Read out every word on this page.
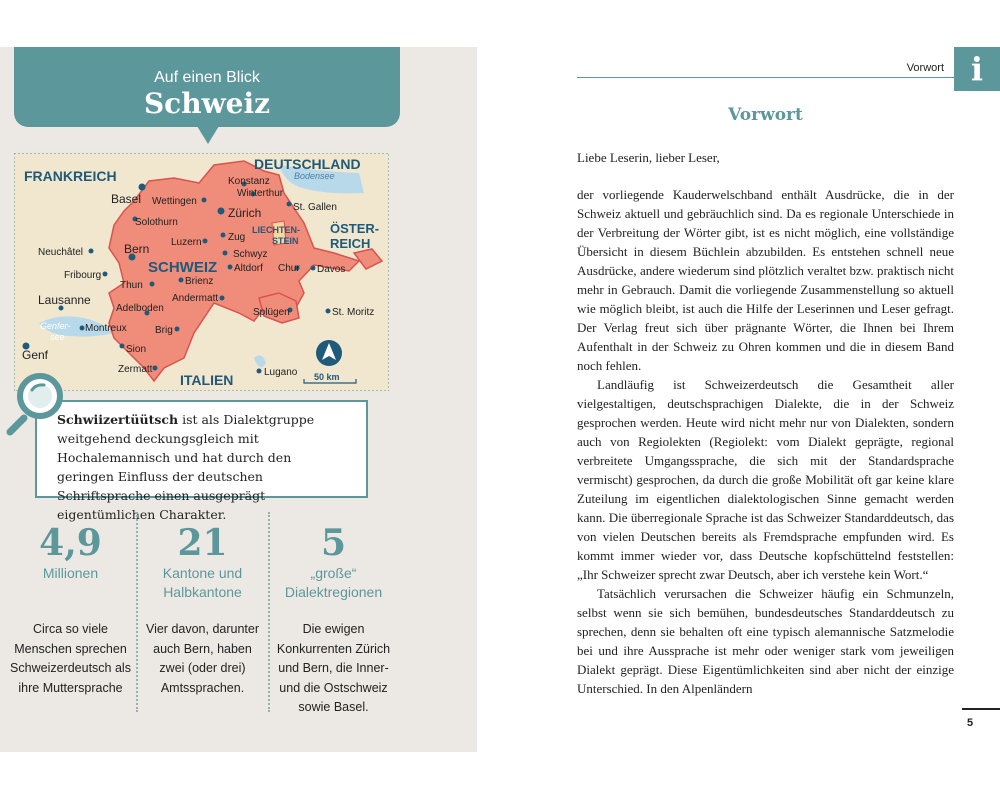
Auf einen Blick
Schweiz
FRANKREICH
DEUTSCHLAND
Bodensee
ÖSTER-
REICH
ITALIEN
SCHWEIZ
LIECHTEN-
STEIN
Genfer-
see
Konstanz
Winterthur
St. Gallen
Basel Wettingen
Zürich
Solothurn
Zug
Neuchâtel	Bern Luzern
Schwyz
Altdorf Chur Davos
Fribourg
Thun	Brienz
Lausanne	Andermatt
Adelboden	Splügen	St. Moritz
Montreux	Brig
Genf	Sion
Zermatt	Lugano 50 km
Schwiizertüütsch ist als Dialektgruppe weitgehend deckungsgleich mit Hochalemannisch und hat durch den geringen Einfluss der deutschen Schriftsprache einen ausgeprägt eigentümlichen Charakter.
4,9
Millionen
21
Kantone und Halbkantone
5
„große“ Dialektregionen
Circa so viele Menschen sprechen Schweizerdeutsch als ihre Muttersprache
Vier davon, darunter auch Bern, haben zwei (oder drei) Amtssprachen.
Die ewigen Konkurrenten Zürich und Bern, die Inner- und die Ostschweiz sowie Basel.
Vorwort i
Vorwort

Liebe Leserin, lieber Leser,

der vorliegende Kauderwelschband enthält Ausdrücke, die in der Schweiz aktuell und gebräuchlich sind. Da es regionale Unterschiede in der Verbreitung der Wörter gibt, ist es nicht möglich, eine vollständige Übersicht in diesem Büchlein abzubilden. Es entstehen schnell neue Ausdrücke, andere wiederum sind plötzlich veraltet bzw. praktisch nicht mehr in Gebrauch. Damit die vorliegende Zusammenstellung so aktuell wie möglich bleibt, ist auch die Hilfe der Leserinnen und Leser gefragt. Der Verlag freut sich über prägnante Wörter, die Ihnen bei Ihrem Aufenthalt in der Schweiz zu Ohren kommen und die in diesem Band noch fehlen.

Landläufig ist Schweizerdeutsch die Gesamtheit aller vielgestaltigen, deutschsprachigen Dialekte, die in der Schweiz gesprochen werden. Heute wird nicht mehr nur von Dialekten, sondern auch von Regiolekten (Regiolekt: vom Dialekt geprägte, regional verbreitete Umgangssprache, die sich mit der Standardsprache vermischt) gesprochen, da durch die große Mobilität oft gar keine klare Zuteilung im eigentlichen dialektologischen Sinne gemacht werden kann. Die überregionale Sprache ist das Schweizer Standarddeutsch, das von vielen Deutschen bereits als Fremdsprache empfunden wird. Es kommt immer wieder vor, dass Deutsche kopfschüttelnd feststellen: „Ihr Schweizer sprecht zwar Deutsch, aber ich verstehe kein Wort.“

Tatsächlich verursachen die Schweizer häufig ein Schmunzeln, selbst wenn sie sich bemühen, bundesdeutsches Standarddeutsch zu sprechen, denn sie behalten oft eine typisch alemannische Satzmelodie bei und ihre Aussprache ist mehr oder weniger stark vom jeweiligen Dialekt geprägt. Diese Eigentümlichkeiten sind aber nicht der einzige Unterschied. In den Alpenländern

5
